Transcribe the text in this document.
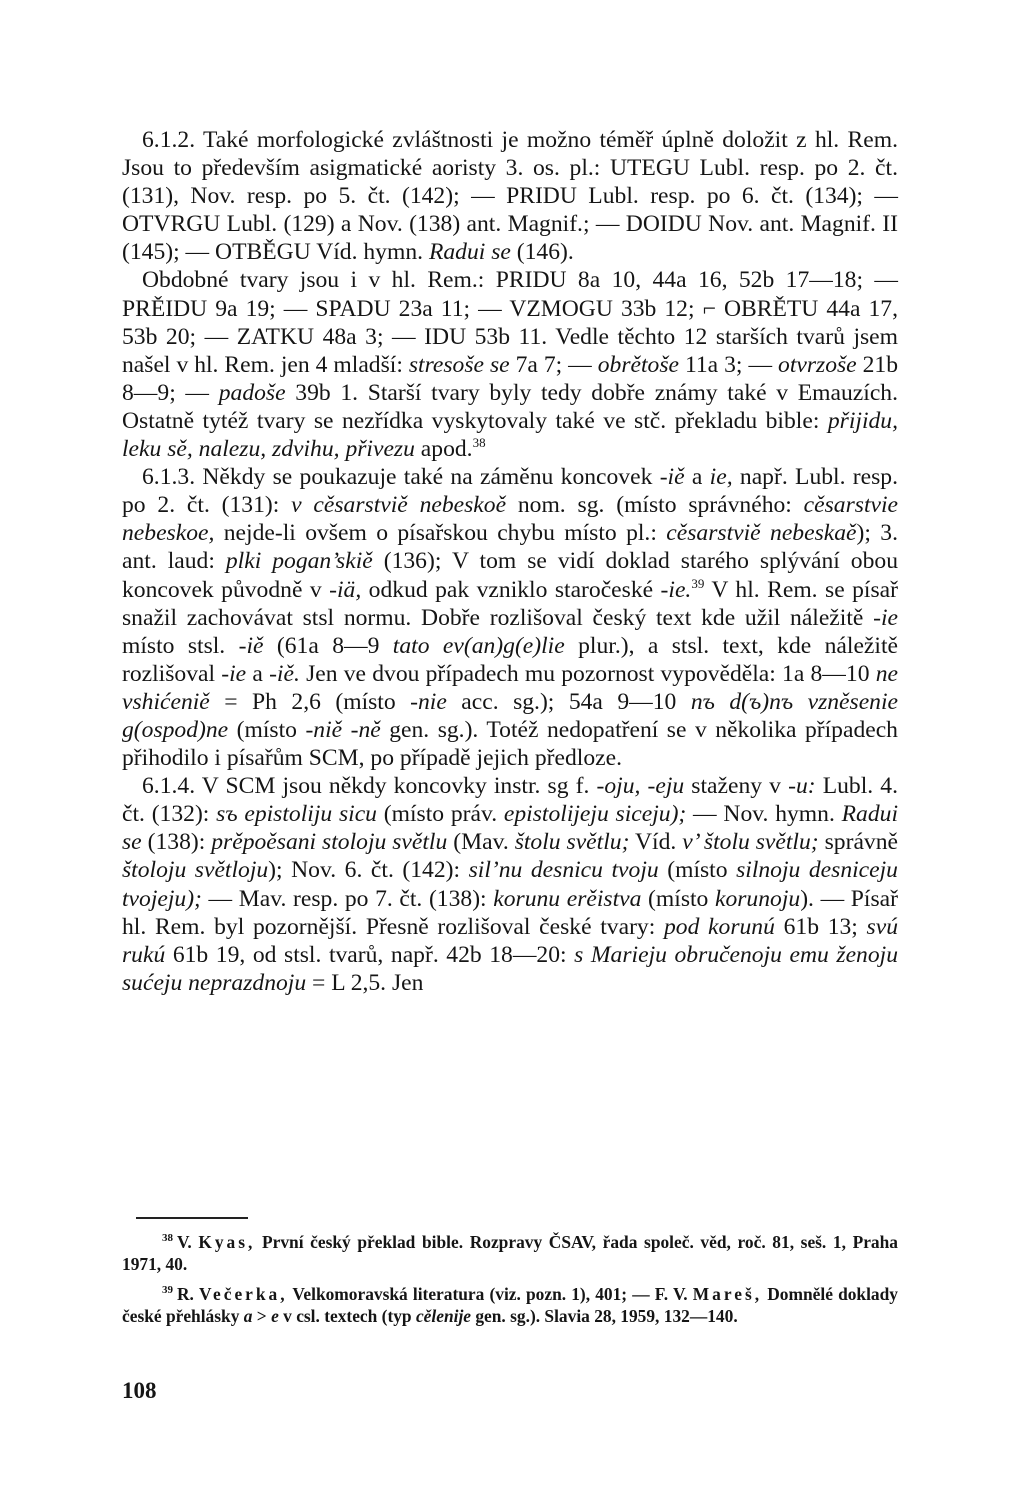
6.1.2. Také morfologické zvláštnosti je možno téměř úplně doložit z hl. Rem. Jsou to především asigmatické aoristy 3. os. pl.: UTEGU Lubl. resp. po 2. čt. (131), Nov. resp. po 5. čt. (142); — PRIDU Lubl. resp. po 6. čt. (134); — OTVRGU Lubl. (129) a Nov. (138) ant. Magnif.; — DOIDU Nov. ant. Magnif. II (145); — OTBĚGU Víd. hymn. Radui se (146).

Obdobné tvary jsou i v hl. Rem.: PRIDU 8a 10, 44a 16, 52b 17—18; — PRĚIDU 9a 19; — SPADU 23a 11; — VZMOGU 33b 12; ⌐ OBRĚTU 44a 17, 53b 20; — ZATKU 48a 3; — IDU 53b 11. Vedle těchto 12 starších tvarů jsem našel v hl. Rem. jen 4 mladší: stresoše se 7a 7; — obrětoše 11a 3; — otvrzoše 21b 8—9; — padoše 39b 1. Starší tvary byly tedy dobře známy také v Emauzích. Ostatně tytéž tvary se nezřídka vyskytovaly také ve stč. překladu bible: přijidu, leku sě, nalezu, zdvihu, přivezu apod.$^{38}$

6.1.3. Někdy se poukazuje také na záměnu koncovek -iě a ie, např. Lubl. resp. po 2. čt. (131): v cěsarstviě nebeskoě nom. sg. (místo správného: cěsarstvie nebeskoe, nejde-li ovšem o písařskou chybu místo pl.: cěsarstviě nebeskaě); 3. ant. laud: plki pogan’skiě (136); V tom se vidí doklad starého splývání obou koncovek původně v -iä, odkud pak vzniklo staročeské -ie.$^{39}$ V hl. Rem. se písař snažil zachovávat stsl normu. Dobře rozlišoval český text kde užil náležitě -ie místo stsl. -iě (61a 8—9 tato ev(an)g(e)lie plur.), a stsl. text, kde náležitě rozlišoval -ie a -iě. Jen ve dvou případech mu pozornost vypověděla: 1a 8—10 ne vshićeniě = Ph 2,6 (místo -nie acc. sg.); 54a 9—10 nъ d(ъ)nъ vzněsenie g(ospod)ne (místo -niě -ně gen. sg.). Totéž nedopatření se v několika případech přihodilo i písařům SCM, po případě jejich předloze.

6.1.4. V SCM jsou někdy koncovky instr. sg f. -oju, -eju staženy v -u: Lubl. 4. čt. (132): sъ epistoliju sicu (místo práv. epistolijeju siceju); — Nov. hymn. Radui se (138): prěpoěsani stoloju světlu (Mav. štolu světlu; Víd. v’ štolu světlu; správně štoloju světloju); Nov. 6. čt. (142): sil’nu desnicu tvoju (místo silnoju desniceju tvojeju); — Mav. resp. po 7. čt. (138): korunu erěistva (místo korunoju). — Písař hl. Rem. byl pozornější. Přesně rozlišoval české tvary: pod korunú 61b 13; svú rukú 61b 19, od stsl. tvarů, např. 42b 18—20: s Marieju obručenoju emu ženoju sućeju neprazdnoju = L 2,5. Jen

$^{38}$ V. Kyas, První český překlad bible. Rozpravy ČSAV, řada společ. věd, roč. 81, seš. 1, Praha 1971, 40.

$^{39}$ R. Večerka, Velkomoravská literatura (viz. pozn. 1), 401; — F. V. Mareš, Domnělé doklady české přehlásky a > e v csl. textech (typ cělenije gen. sg.). Slavia 28, 1959, 132—140.

108
